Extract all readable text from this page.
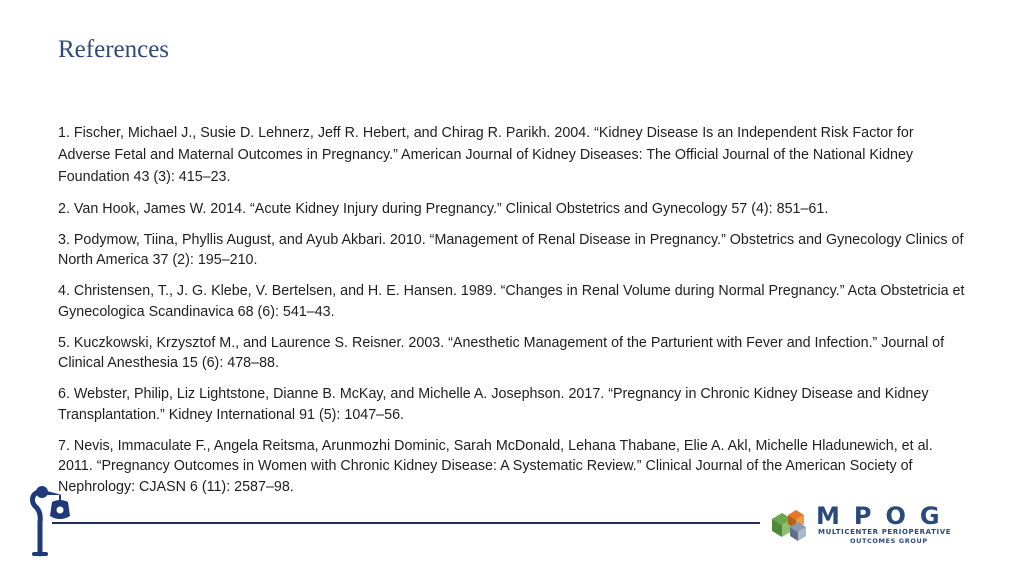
References
1. Fischer, Michael J., Susie D. Lehnerz, Jeff R. Hebert, and Chirag R. Parikh. 2004. “Kidney Disease Is an Independent Risk Factor for Adverse Fetal and Maternal Outcomes in Pregnancy.” American Journal of Kidney Diseases: The Official Journal of the National Kidney Foundation 43 (3): 415–23.
2. Van Hook, James W. 2014. “Acute Kidney Injury during Pregnancy.” Clinical Obstetrics and Gynecology 57 (4): 851–61.
3. Podymow, Tiina, Phyllis August, and Ayub Akbari. 2010. “Management of Renal Disease in Pregnancy.” Obstetrics and Gynecology Clinics of North America 37 (2): 195–210.
4. Christensen, T., J. G. Klebe, V. Bertelsen, and H. E. Hansen. 1989. “Changes in Renal Volume during Normal Pregnancy.” Acta Obstetricia et Gynecologica Scandinavica 68 (6): 541–43.
5. Kuczkowski, Krzysztof M., and Laurence S. Reisner. 2003. “Anesthetic Management of the Parturient with Fever and Infection.” Journal of Clinical Anesthesia 15 (6): 478–88.
6. Webster, Philip, Liz Lightstone, Dianne B. McKay, and Michelle A. Josephson. 2017. “Pregnancy in Chronic Kidney Disease and Kidney Transplantation.” Kidney International 91 (5): 1047–56.
7. Nevis, Immaculate F., Angela Reitsma, Arunmozhi Dominic, Sarah McDonald, Lehana Thabane, Elie A. Akl, Michelle Hladunewich, et al. 2011. “Pregnancy Outcomes in Women with Chronic Kidney Disease: A Systematic Review.” Clinical Journal of the American Society of Nephrology: CJASN 6 (11): 2587–98.
MPOG
MULTICENTER PERIOPERATIVE
OUTCOMES GROUP
